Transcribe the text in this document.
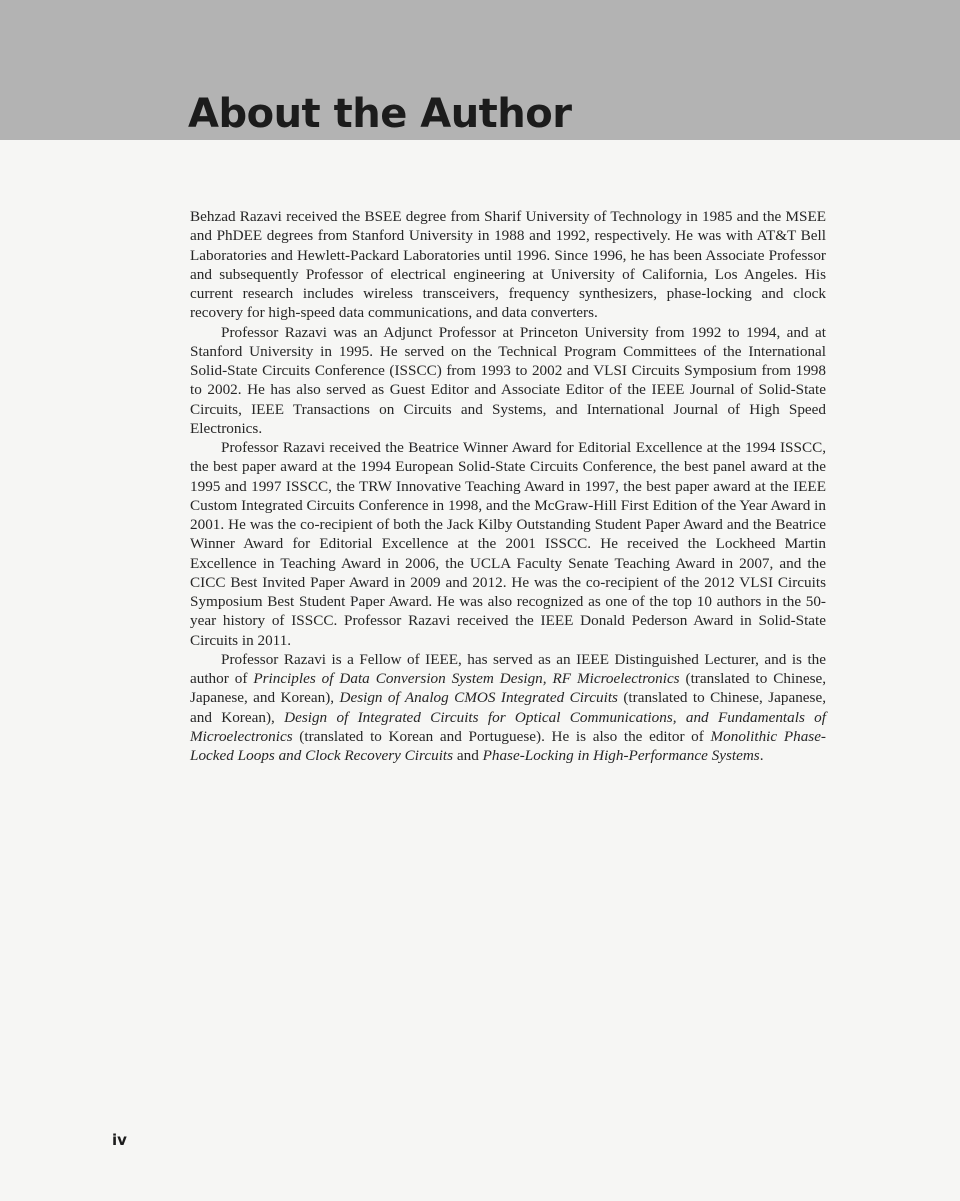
About the Author

Behzad Razavi received the BSEE degree from Sharif University of Technology in 1985 and the MSEE and PhDEE degrees from Stanford University in 1988 and 1992, respectively. He was with AT&T Bell Laboratories and Hewlett-Packard Laboratories until 1996. Since 1996, he has been Associate Professor and subsequently Professor of electrical engineering at University of California, Los Angeles. His current research includes wireless transceivers, frequency synthesizers, phase-locking and clock recovery for high-speed data communications, and data converters.

Professor Razavi was an Adjunct Professor at Princeton University from 1992 to 1994, and at Stanford University in 1995. He served on the Technical Program Committees of the International Solid-State Circuits Conference (ISSCC) from 1993 to 2002 and VLSI Circuits Symposium from 1998 to 2002. He has also served as Guest Editor and Associate Editor of the IEEE Journal of Solid-State Circuits, IEEE Transactions on Circuits and Systems, and International Journal of High Speed Electronics.

Professor Razavi received the Beatrice Winner Award for Editorial Excellence at the 1994 ISSCC, the best paper award at the 1994 European Solid-State Circuits Conference, the best panel award at the 1995 and 1997 ISSCC, the TRW Innovative Teaching Award in 1997, the best paper award at the IEEE Custom Integrated Circuits Conference in 1998, and the McGraw-Hill First Edition of the Year Award in 2001. He was the co-recipient of both the Jack Kilby Outstanding Student Paper Award and the Beatrice Winner Award for Editorial Excellence at the 2001 ISSCC. He received the Lockheed Martin Excellence in Teaching Award in 2006, the UCLA Faculty Senate Teaching Award in 2007, and the CICC Best Invited Paper Award in 2009 and 2012. He was the co-recipient of the 2012 VLSI Circuits Symposium Best Student Paper Award. He was also recognized as one of the top 10 authors in the 50-year history of ISSCC. Professor Razavi received the IEEE Donald Pederson Award in Solid-State Circuits in 2011.

Professor Razavi is a Fellow of IEEE, has served as an IEEE Distinguished Lecturer, and is the author of Principles of Data Conversion System Design, RF Microelectronics (translated to Chinese, Japanese, and Korean), Design of Analog CMOS Integrated Circuits (translated to Chinese, Japanese, and Korean), Design of Integrated Circuits for Optical Communications, and Fundamentals of Microelectronics (translated to Korean and Portuguese). He is also the editor of Monolithic Phase-Locked Loops and Clock Recovery Circuits and Phase-Locking in High-Performance Systems.

iv
